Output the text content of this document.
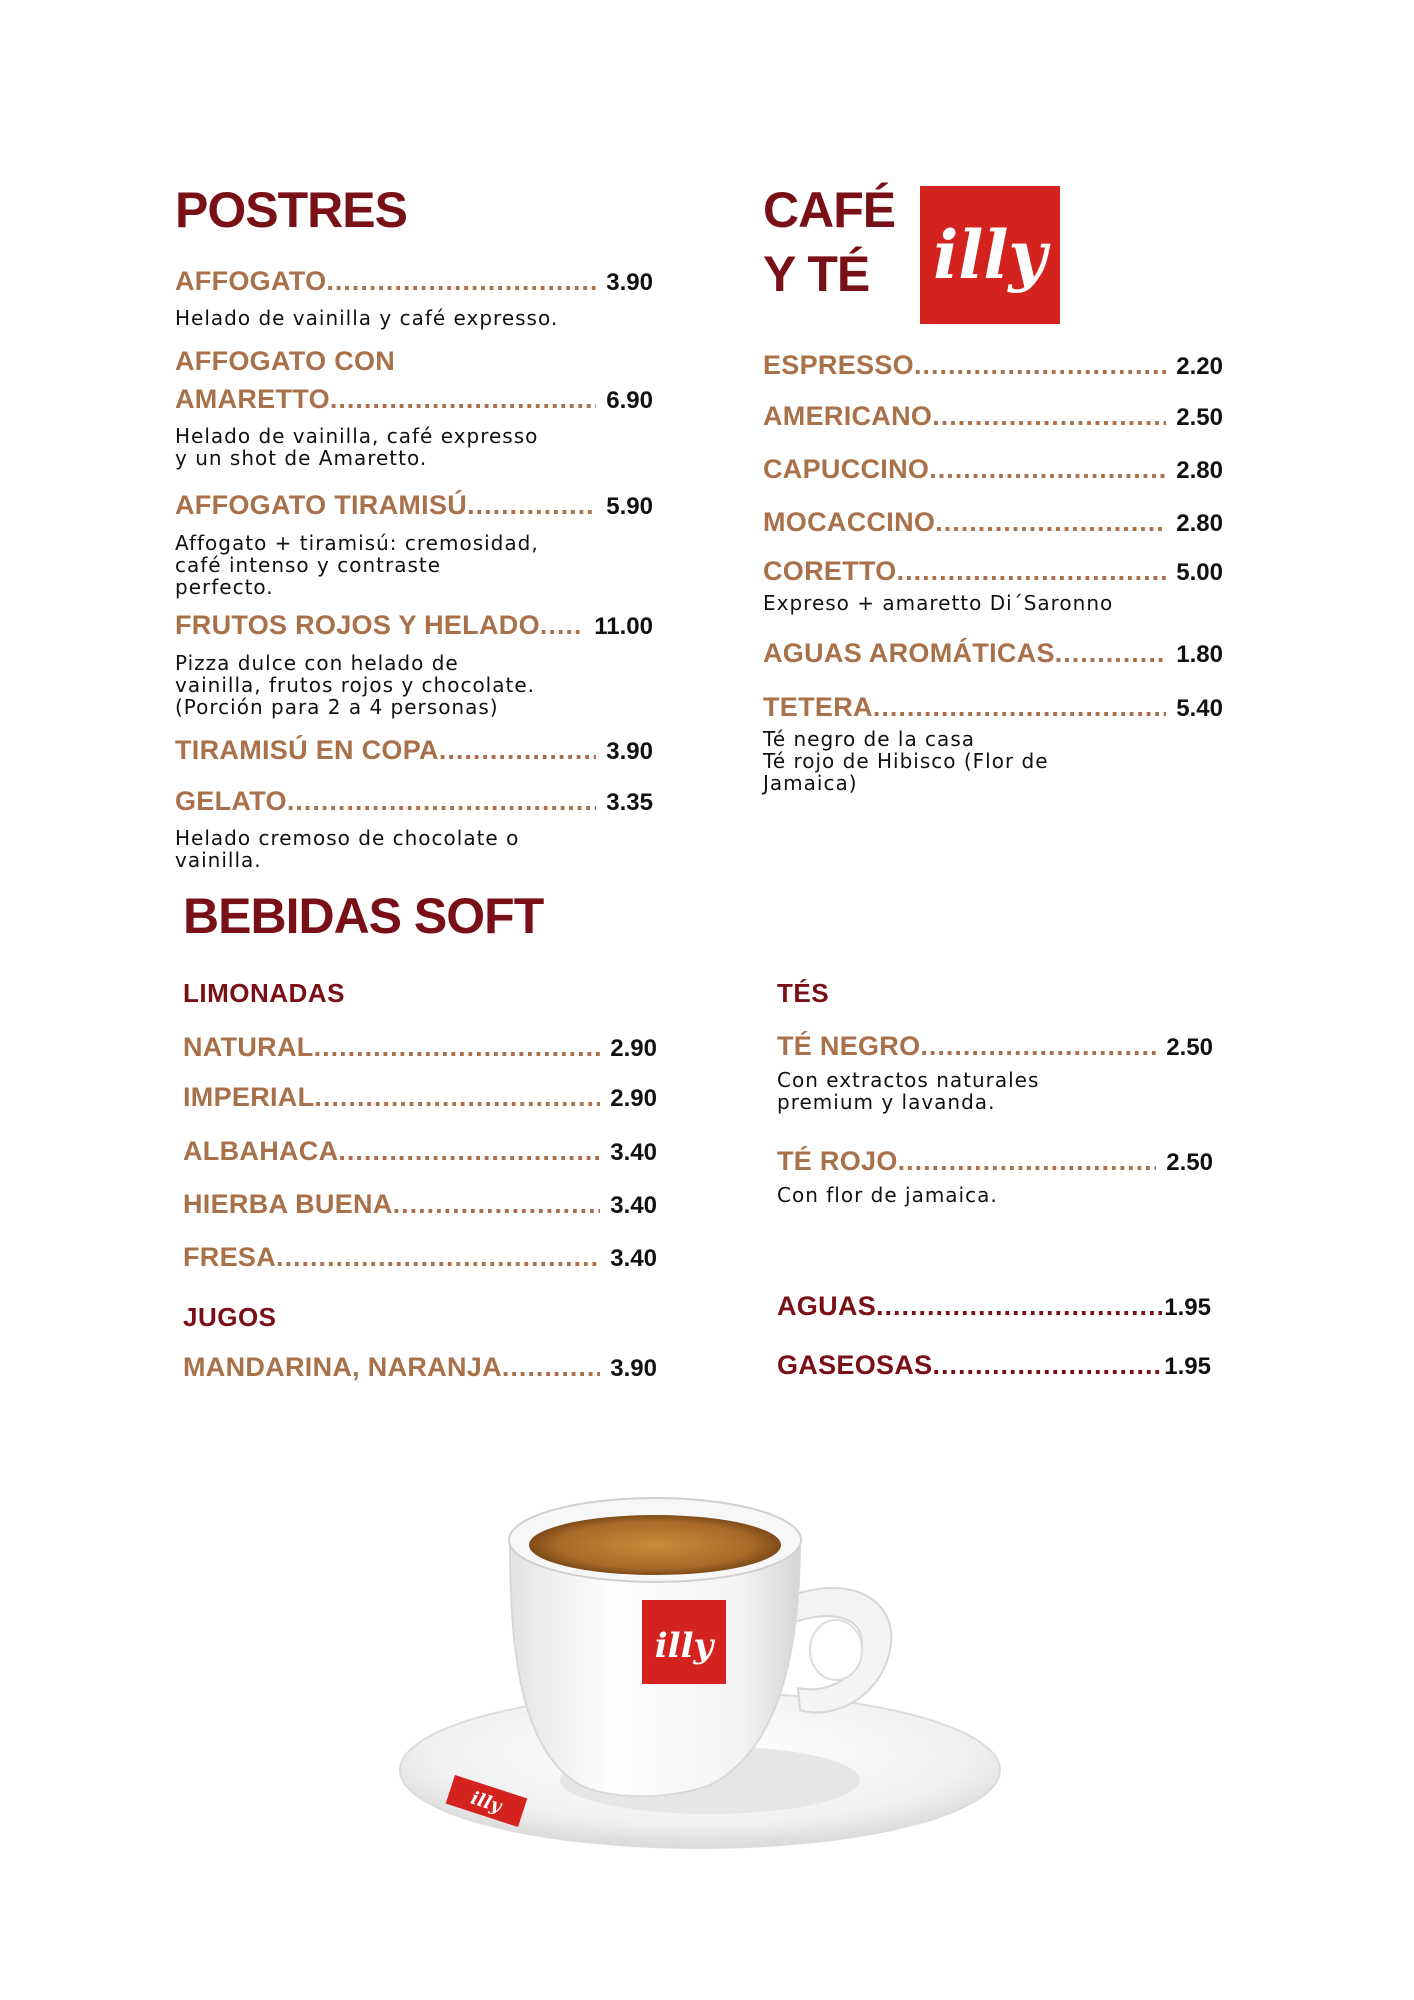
POSTRES
AFFOGATO .....	3.90
Helado de vainilla y café expresso.
AFFOGATO CON
AMARETTO .....	6.90
Helado de vainilla, café expresso
y un shot de Amaretto.
AFFOGATO TIRAMISÚ .....	5.90
Affogato + tiramisú: cremosidad,
café intenso y contraste
perfecto.
FRUTOS ROJOS Y HELADO .....	11.00
Pizza dulce con helado de
vainilla, frutos rojos y chocolate.
(Porción para 2 a 4 personas)
TIRAMISÚ EN COPA .....	3.90
GELATO .....	3.35
Helado cremoso de chocolate o
vainilla.
CAFÉ
Y TÉ illy
ESPRESSO .....	2.20
AMERICANO .....	2.50
CAPUCCINO .....	2.80
MOCACCINO .....	2.80
CORETTO .....	5.00
Expreso + amaretto Di´Saronno
AGUAS AROMÁTICAS .....	1.80
TETERA .....	5.40
Té negro de la casa
Té rojo de Hibisco (Flor de
Jamaica)
BEBIDAS SOFT
LIMONADAS
NATURAL .....	2.90
IMPERIAL .....	2.90
ALBAHACA .....	3.40
HIERBA BUENA .....	3.40
FRESA .....	3.40
JUGOS
MANDARINA, NARANJA .....	3.90
TÉS
TÉ NEGRO .....	2.50
Con extractos naturales
premium y lavanda.
TÉ ROJO .....	2.50
Con flor de jamaica.
AGUAS .....	1.95
GASEOSAS .....	1.95
illy
illy
